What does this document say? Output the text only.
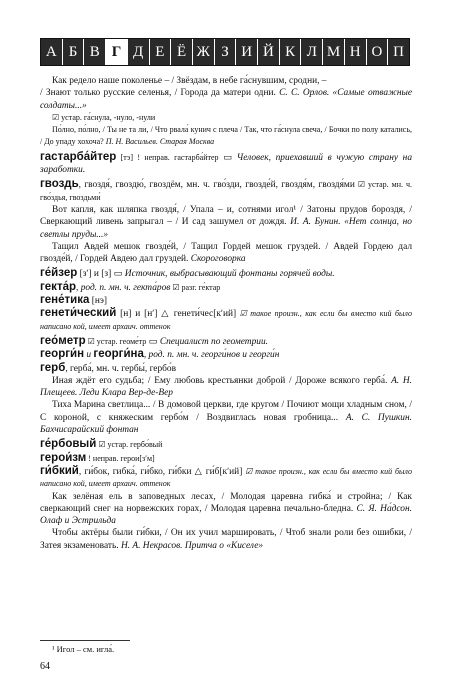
А Б В Г Д Е Ё Ж З И Й К Л М Н О П

Как редело наше поколенье – / Звёздам, в небе га́снувшим, сродни, –

/ Знают только русские селенья, / Города да матери одни. С. С. Орлов. «Самые отважные солдаты...»

☑ устар. га́снула, -нуло, -нули

По́лно, по́лно, / Ты не та ли, / Что рвала́ кунич с плеча / Так, что га́снула свеча, / Бочки по полу катались, / До упаду хохоча? П. Н. Васильев. Старая Москва

гастарба́йтер [тэ] ! неправ. гастарба́йтер ▭ Человек, приехавший в чужую страну на заработки.

гвоздь, гвоздя́, гвоздю́, гвоздём, мн. ч. гво́зди, гвозде́й, гвоздя́м, гвоздя́ми ☑ устар. мн. ч. гво́здья, гвоздьми́

Вот капля, как шляпка гвоздя́, / Упала – и, сотнями игол¹ / Затоны прудов бороздя, / Сверкающий ливень запрыгал – / И сад зашумел от дождя. И. А. Бунин. «Нет солнца, но светлы пруды...»

Тащил Авдей мешок гвозде́й, / Тащил Гордей мешок груздей. / Авдей Гордею дал гвозде́й, / Гордей Авдею дал груздей. Скороговорка

ге́йзер [зʹ] и [з] ▭ Источник, выбрасывающий фонтаны горячей воды.

гекта́р, род. п. мн. ч. гекта́ров ☑ разг. ге́ктар

гене́тика [нэ]

генети́ческий [н] и [нʹ] △ генети́чес[кʹий] ☑ такое произн., как если бы вместо кий было написано кой, имеет архаич. оттенок

гео́метр ☑ устар. геоме́тр ▭ Специалист по геометрии.

георги́н и георги́на, род. п. мн. ч. георги́нов и георги́н

герб, герба́, мн. ч. гербы́, гербо́в

Иная ждёт его судьба; / Ему любовь крестьянки доброй / Дороже всякого герба́. А. Н. Плещеев. Леди Клара Вер-де-Вер

Тиха Марина светлица... / В домовой церкви, где кругом / Почиют мощи хладным сном, / С короной, с княжеским гербо́м / Воздвиглась новая гробница... А. С. Пушкин. Бахчисарайский фонтан

ге́рбовый ☑ устар. гербо́вый

герои́зм ! неправ. герои[зʹм]

ги́бкий, ги́бок, гибка́, ги́бко, ги́бки △ ги́б[кʹий] ☑ такое произн., как если бы вместо кий было написано кой, имеет архаич. оттенок

Как зелёная ель в заповедных лесах, / Молодая царевна гибка́ и стройна; / Как сверкающий снег на норвежских горах, / Молодая царевна печально-бледна. С. Я. На́дсон. Олаф и Эстрильда

Чтобы актёры были ги́бки, / Он их учил маршировать, / Чтоб знали роли без ошибки, / Затея экзаменовать. Н. А. Некрасов. Притча о «Киселе»

¹ Игол – см. игла́.
64
